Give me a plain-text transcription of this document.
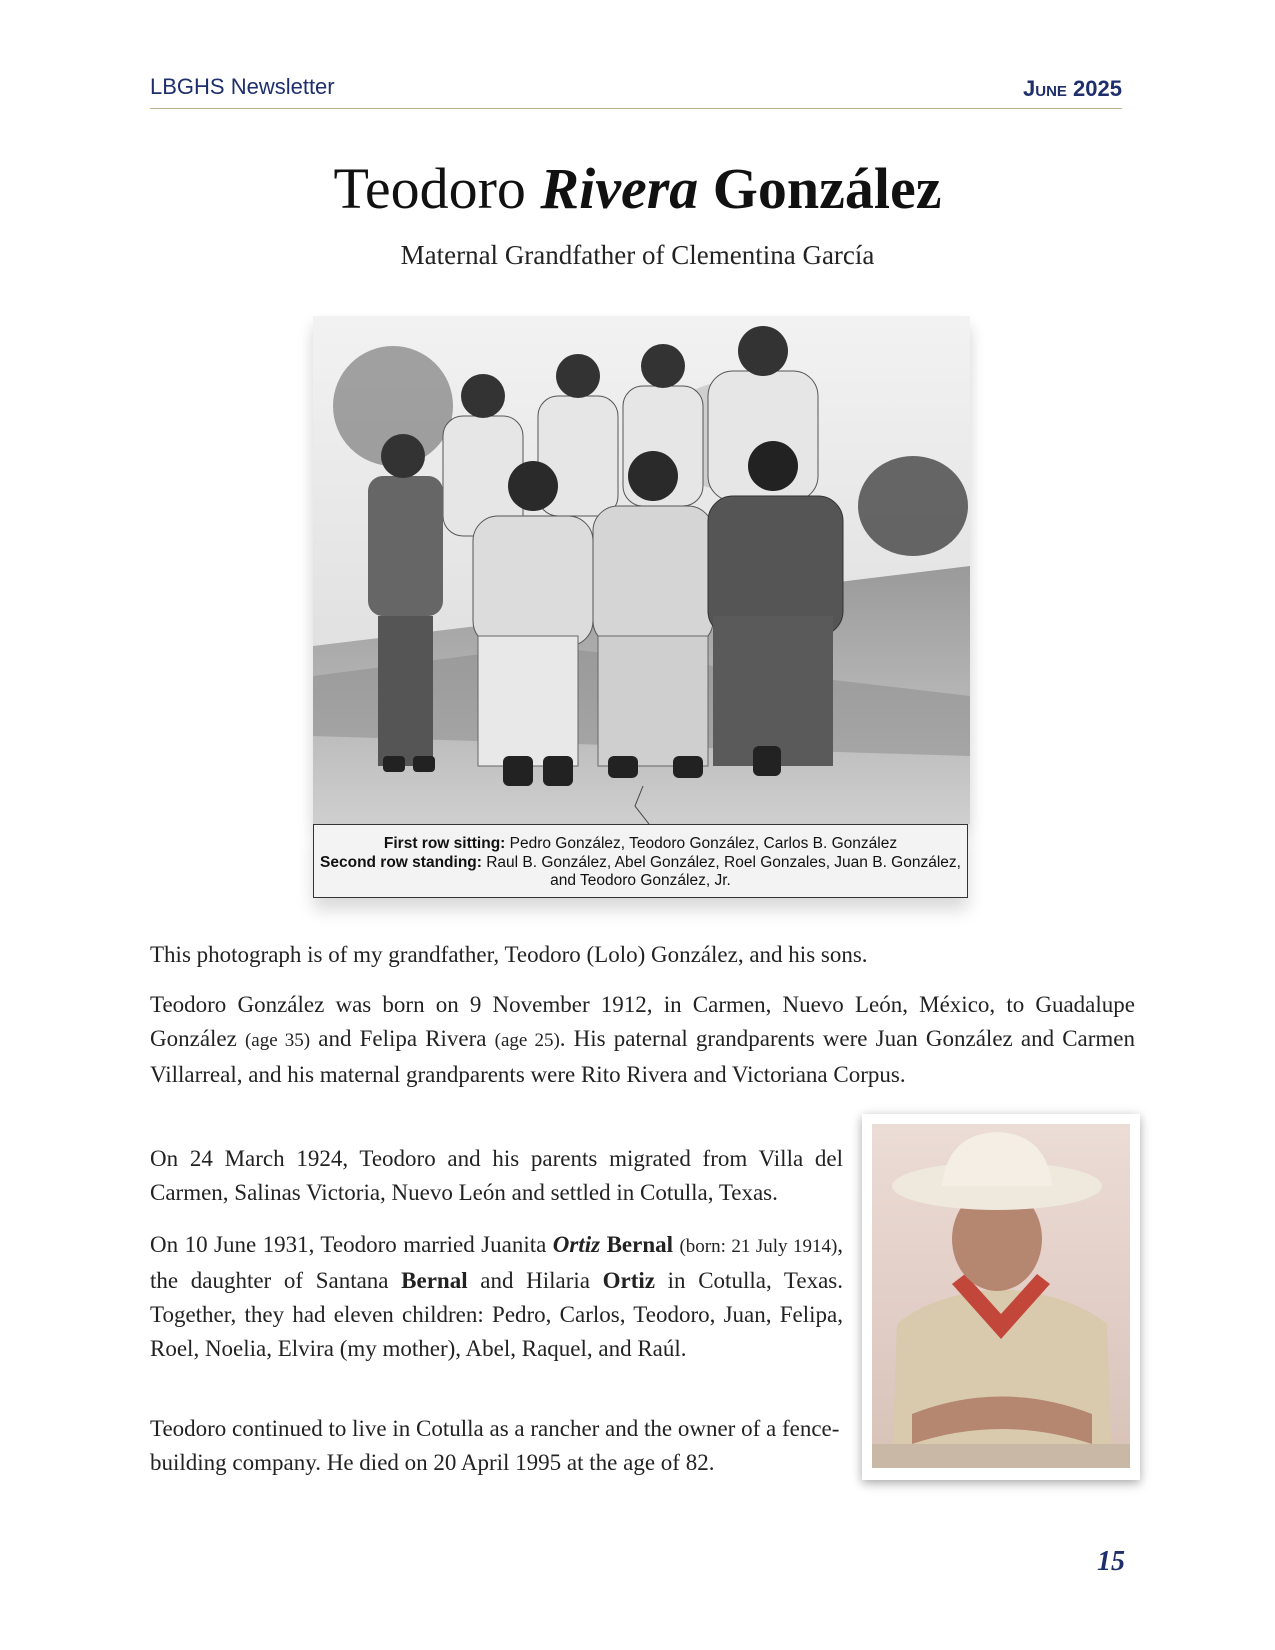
LBGHS Newsletter	June 2025
Teodoro Rivera González
Maternal Grandfather of Clementina García
First row sitting: Pedro González, Teodoro González, Carlos B. González
Second row standing: Raul B. González, Abel González, Roel Gonzales, Juan B. González, and Teodoro González, Jr.
This photograph is of my grandfather, Teodoro (Lolo) González, and his sons.
Teodoro González was born on 9 November 1912, in Carmen, Nuevo León, México, to Guadalupe González (age 35) and Felipa Rivera (age 25). His paternal grandparents were Juan González and Carmen Villarreal, and his maternal grandparents were Rito Rivera and Victoriana Corpus.
On 24 March 1924, Teodoro and his parents migrated from Villa del Carmen, Salinas Victoria, Nuevo León and settled in Cotulla, Texas.
On 10 June 1931, Teodoro married Juanita Ortiz Bernal (born: 21 July 1914), the daughter of Santana Bernal and Hilaria Ortiz in Cotulla, Texas. Together, they had eleven children: Pedro, Carlos, Teodoro, Juan, Felipa, Roel, Noelia, Elvira (my mother), Abel, Raquel, and Raúl.
Teodoro continued to live in Cotulla as a rancher and the owner of a fence-building company. He died on 20 April 1995 at the age of 82.
15
